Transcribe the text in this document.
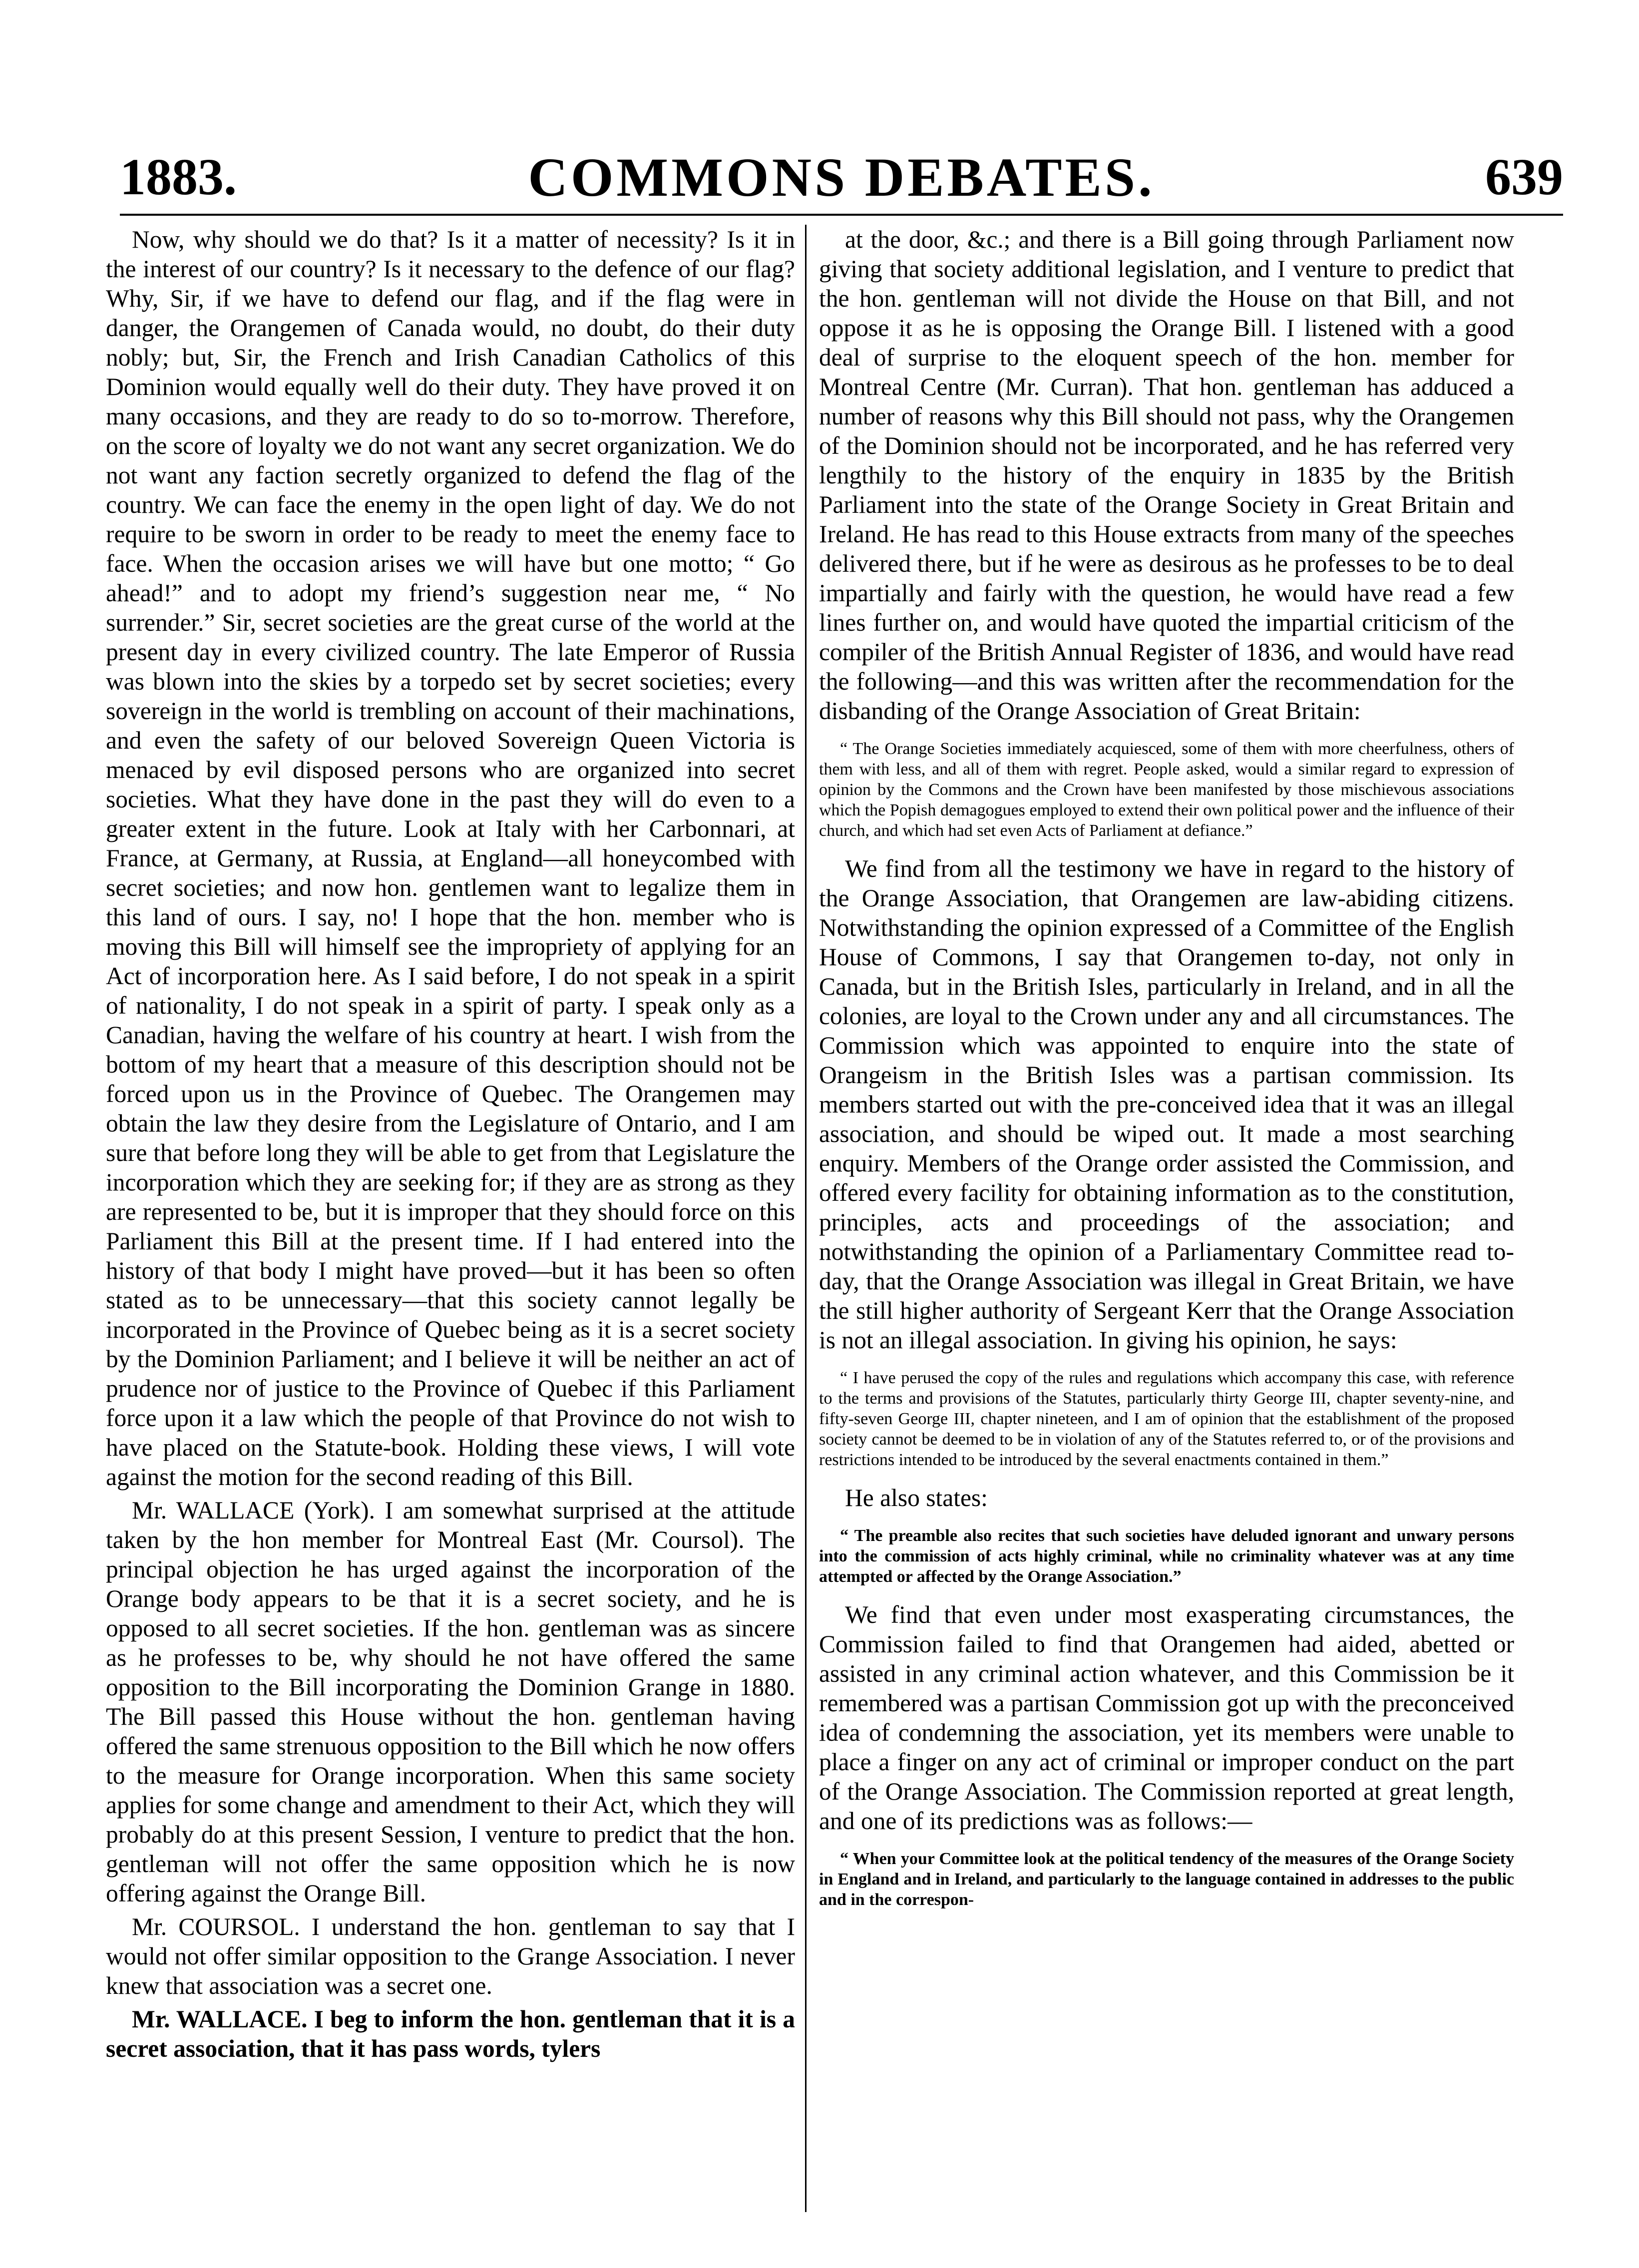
1883.	COMMONS DEBATES.	639

Now, why should we do that? Is it a matter of necessity? Is it in the interest of our country? Is it necessary to the defence of our flag? Why, Sir, if we have to defend our flag, and if the flag were in danger, the Orangemen of Canada would, no doubt, do their duty nobly; but, Sir, the French and Irish Canadian Catholics of this Dominion would equally well do their duty. They have proved it on many occasions, and they are ready to do so to-morrow. Therefore, on the score of loyalty we do not want any secret organization. We do not want any faction secretly organized to defend the flag of the country. We can face the enemy in the open light of day. We do not require to be sworn in order to be ready to meet the enemy face to face. When the occasion arises we will have but one motto; “ Go ahead!” and to adopt my friend’s suggestion near me, “ No surrender.” Sir, secret societies are the great curse of the world at the present day in every civilized country. The late Emperor of Russia was blown into the skies by a torpedo set by secret societies; every sovereign in the world is trembling on account of their machinations, and even the safety of our beloved Sovereign Queen Victoria is menaced by evil disposed persons who are organized into secret societies. What they have done in the past they will do even to a greater extent in the future. Look at Italy with her Carbonnari, at France, at Germany, at Russia, at England—all honeycombed with secret societies; and now hon. gentlemen want to legalize them in this land of ours. I say, no! I hope that the hon. member who is moving this Bill will himself see the impropriety of applying for an Act of incorporation here. As I said before, I do not speak in a spirit of nationality, I do not speak in a spirit of party. I speak only as a Canadian, having the welfare of his country at heart. I wish from the bottom of my heart that a measure of this description should not be forced upon us in the Province of Quebec. The Orangemen may obtain the law they desire from the Legislature of Ontario, and I am sure that before long they will be able to get from that Legislature the incorporation which they are seeking for; if they are as strong as they are represented to be, but it is improper that they should force on this Parliament this Bill at the present time. If I had entered into the history of that body I might have proved—but it has been so often stated as to be unnecessary—that this society cannot legally be incorporated in the Province of Quebec being as it is a secret society by the Dominion Parliament; and I believe it will be neither an act of prudence nor of justice to the Province of Quebec if this Parliament force upon it a law which the people of that Province do not wish to have placed on the Statute-book. Holding these views, I will vote against the motion for the second reading of this Bill.

Mr. WALLACE (York). I am somewhat surprised at the attitude taken by the hon member for Montreal East (Mr. Coursol). The principal objection he has urged against the incorporation of the Orange body appears to be that it is a secret society, and he is opposed to all secret societies. If the hon. gentleman was as sincere as he professes to be, why should he not have offered the same opposition to the Bill incorporating the Dominion Grange in 1880. The Bill passed this House without the hon. gentleman having offered the same strenuous opposition to the Bill which he now offers to the measure for Orange incorporation. When this same society applies for some change and amendment to their Act, which they will probably do at this present Session, I venture to predict that the hon. gentleman will not offer the same opposition which he is now offering against the Orange Bill.

Mr. COURSOL. I understand the hon. gentleman to say that I would not offer similar opposition to the Grange Association. I never knew that association was a secret one.

Mr. WALLACE. I beg to inform the hon. gentleman that it is a secret association, that it has pass words, tylers

at the door, &c.; and there is a Bill going through Parliament now giving that society additional legislation, and I venture to predict that the hon. gentleman will not divide the House on that Bill, and not oppose it as he is opposing the Orange Bill. I listened with a good deal of surprise to the eloquent speech of the hon. member for Montreal Centre (Mr. Curran). That hon. gentleman has adduced a number of reasons why this Bill should not pass, why the Orangemen of the Dominion should not be incorporated, and he has referred very lengthily to the history of the enquiry in 1835 by the British Parliament into the state of the Orange Society in Great Britain and Ireland. He has read to this House extracts from many of the speeches delivered there, but if he were as desirous as he professes to be to deal impartially and fairly with the question, he would have read a few lines further on, and would have quoted the impartial criticism of the compiler of the British Annual Register of 1836, and would have read the following—and this was written after the recommendation for the disbanding of the Orange Association of Great Britain:

“ The Orange Societies immediately acquiesced, some of them with more cheerfulness, others of them with less, and all of them with regret. People asked, would a similar regard to expression of opinion by the Commons and the Crown have been manifested by those mischievous associations which the Popish demagogues employed to extend their own political power and the influence of their church, and which had set even Acts of Parliament at defiance.”

We find from all the testimony we have in regard to the history of the Orange Association, that Orangemen are law-abiding citizens. Notwithstanding the opinion expressed of a Committee of the English House of Commons, I say that Orangemen to-day, not only in Canada, but in the British Isles, particularly in Ireland, and in all the colonies, are loyal to the Crown under any and all circumstances. The Commission which was appointed to enquire into the state of Orangeism in the British Isles was a partisan commission. Its members started out with the pre-conceived idea that it was an illegal association, and should be wiped out. It made a most searching enquiry. Members of the Orange order assisted the Commission, and offered every facility for obtaining information as to the constitution, principles, acts and proceedings of the association; and notwithstanding the opinion of a Parliamentary Committee read to-day, that the Orange Association was illegal in Great Britain, we have the still higher authority of Sergeant Kerr that the Orange Association is not an illegal association. In giving his opinion, he says:

“ I have perused the copy of the rules and regulations which accompany this case, with reference to the terms and provisions of the Statutes, particularly thirty George III, chapter seventy-nine, and fifty-seven George III, chapter nineteen, and I am of opinion that the establishment of the proposed society cannot be deemed to be in violation of any of the Statutes referred to, or of the provisions and restrictions intended to be introduced by the several enactments contained in them.”

He also states:

“ The preamble also recites that such societies have deluded ignorant and unwary persons into the commission of acts highly criminal, while no criminality whatever was at any time attempted or affected by the Orange Association.”

We find that even under most exasperating circumstances, the Commission failed to find that Orangemen had aided, abetted or assisted in any criminal action whatever, and this Commission be it remembered was a partisan Commission got up with the preconceived idea of condemning the association, yet its members were unable to place a finger on any act of criminal or improper conduct on the part of the Orange Association. The Commission reported at great length, and one of its predictions was as follows:—

“ When your Committee look at the political tendency of the measures of the Orange Society in England and in Ireland, and particularly to the language contained in addresses to the public and in the correspon-
